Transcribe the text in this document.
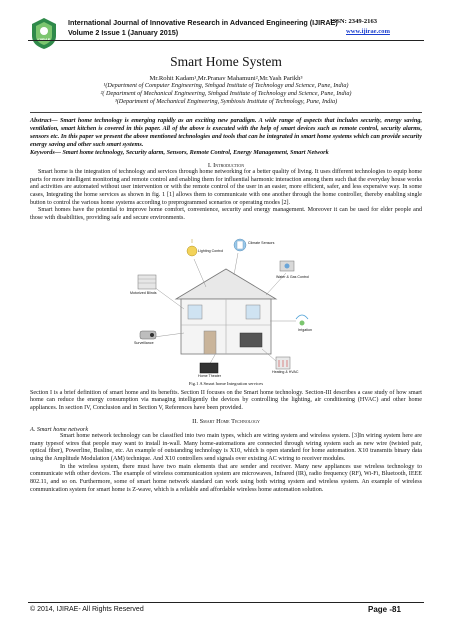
International Journal of Innovative Research in Advanced Engineering (IJIRAE)
Volume 2 Issue 1 (January 2015)
ISSN: 2349-2163
www.ijirae.com
Smart Home System
Mr.Rohit Kadam¹,Mr.Pranav Mahamuni²,Mr.Yash Parikh³
¹(Department of Computer Engineering, Sinhgad Institute of Technology and Science, Pune, India)
²( Department of Mechanical Engineering, Sinhgad Institute of Technology and Science, Pune, India)
³(Department of Mechanical Engineering, Symbiosis Institute of Technology, Pune, India)
Abstract— Smart home technology is emerging rapidly as an exciting new paradigm. A wide range of aspects that includes security, energy saving, ventilation, smart kitchen is covered in this paper. All of the above is executed with the help of smart devices such as remote control, security alarms, sensors etc. In this paper we present the above mentioned technologies and tools that can be integrated in smart home systems which can provide security energy saving and other such smart systems.
Keywords— Smart home technology, Security alarm, Sensors, Remote Control, Energy Management, Smart Network
I. Introduction

Smart home is the integration of technology and services through home networking for a better quality of living. It uses different technologies to equip home parts for more intelligent monitoring and remote control and enabling them for influential harmonic interaction among them such that the everyday house works and activities are automated without user intervention or with the remote control of the user in an easier, more efficient, safer, and less expensive way. In some cases, Integrating the home services as shown in fig. 1 [1] allows them to communicate with one another through the home controller, thereby enabling single button to control the various home systems according to preprogrammed scenarios or operating modes [2].

Smart homes have the potential to improve home comfort, convenience, security and energy management. Moreover it can be used for elder people and those with disabilities, providing safe and secure environments.

Lighting Control
Climate Sensors
Water & Gas Control
Motorized Blinds
Surveillance
Irrigation
Home Theater
Heating & HVAC
Fig.1 A Smart home Integration services

Section I is a brief definition of smart home and its benefits. Section II focuses on the Smart home technology. Section-III describes a case study of how smart home can reduce the energy consumption via managing intelligently the devices by controlling the lighting, air conditioning (HVAC) and other home appliances. In section IV, Conclusion and in Section V, References have been provided.

II. Smart Home Technology
A. Smart home network

Smart home network technology can be classified into two main types, which are wiring system and wireless system. [3]In wiring system here are many typesof wires that people may want to install in-wall. Many home-automations are connected through wiring system such as new wire (twisted pair, optical fiber), Powerline, Busline, etc. An example of outstanding technology is X10, which is open standard for home automation. X10 transmits binary data using the Amplitude Modulation (AM) technique. And X10 controllers send signals over existing AC wiring to receiver modules.

In the wireless system, there must have two main elements that are sender and receiver. Many new appliances use wireless technology to communicate with other devices. The example of wireless communication system are microwaves, Infrared (IR), radio frequency (RF), Wi-Fi, Bluetooth, IEEE 802.11, and so on. Furthermore, some of smart home network standard can work using both wiring system and wireless system. An example of wireless communication system for smart home is Z-wave, which is a reliable and affordable wireless home automation solution.

© 2014, IJIRAE- All Rights Reserved	Page -81
